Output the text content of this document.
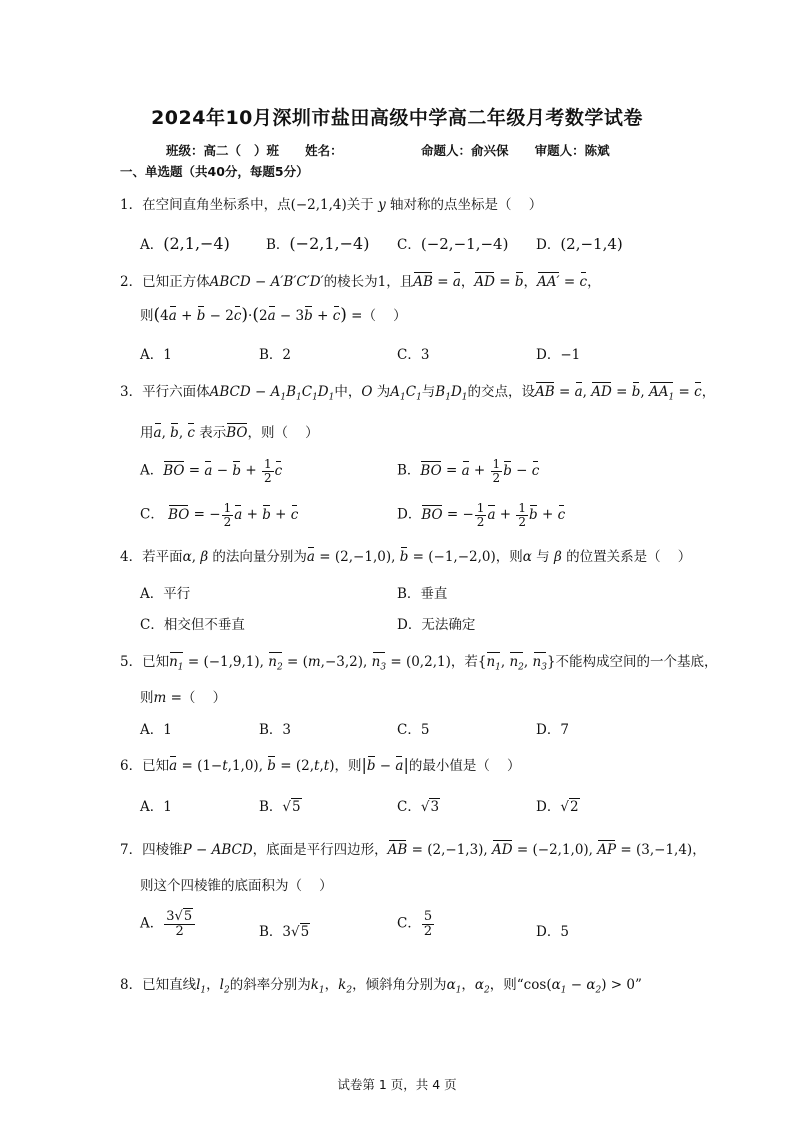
2024年10月深圳市盐田高级中学高二年级月考数学试卷
班级：高二（   ）班      姓名：                  命题人：俞兴保      审题人：陈斌
一、单选题（共40分，每题5分）
1．在空间直角坐标系中，点(−2,1,4)关于 y 轴对称的点坐标是（    ）
A．(2,1,−4)	B．(−2,1,−4) C．(−2,−1,−4) D．(2,−1,4)
2．已知正方体ABCD − A′B′C′D′的棱长为1，且AB = a，AD = b，AA′ = c，
则(4a + b − 2c)·(2a − 3b + c) =（    ）
A．1	B．2	C．3	D．−1
3．平行六面体ABCD − $A_1B_1C_1D_1$中，O 为$A_1C_1$与$B_1D_1$的交点，设AB = a, AD = b, $AA_1 = c$，
用a, b, c 表示BO，则（    ）
A．BO = $a - b + \frac{1}{2}$ c	B．BO = $a + \frac{1}{2}$ b − c
C． BO = − $\frac{1}{2}$ a + b + c	D．BO = − $\frac{1}{2}$ $a + \frac{1}{2}$ b + c
4．若平面α, β 的法向量分别为a = (2,−1,0), b = (−1,−2,0)，则α 与 β 的位置关系是（    ）
A．平行	B．垂直
C．相交但不垂直	D．无法确定
5．已知$n_1 = (-1,9,1)$, $n_2 = (m,-3,2)$, $n_3 = (0,2,1)$，若{$n_1$, $n_2$, $n_3$}不能构成空间的一个基底，
则m =（    ）
A．1	B．3	C．5	D．7
6．已知a = (1−t,1,0), b = (2,t,t)，则|b − a|的最小值是（    ）
A．1	B．√5	C．√3	D．√2
7．四棱锥P − ABCD，底面是平行四边形，AB = (2,−1,3), AD = (−2,1,0), AP = (3,−1,4)，
则这个四棱锥的底面积为（    ）
A． $\frac{3√5}{2}$	B．3√5
C． $\frac{5}{2}$	D．5
8．已知直线$l_1$，$l_2$的斜率分别为$k_1$，$k_2$，倾斜角分别为$\alpha_1$，$\alpha_2$，则“$\cos(\alpha_1 - \alpha_2) > 0$”
试卷第 1 页，共 4 页
